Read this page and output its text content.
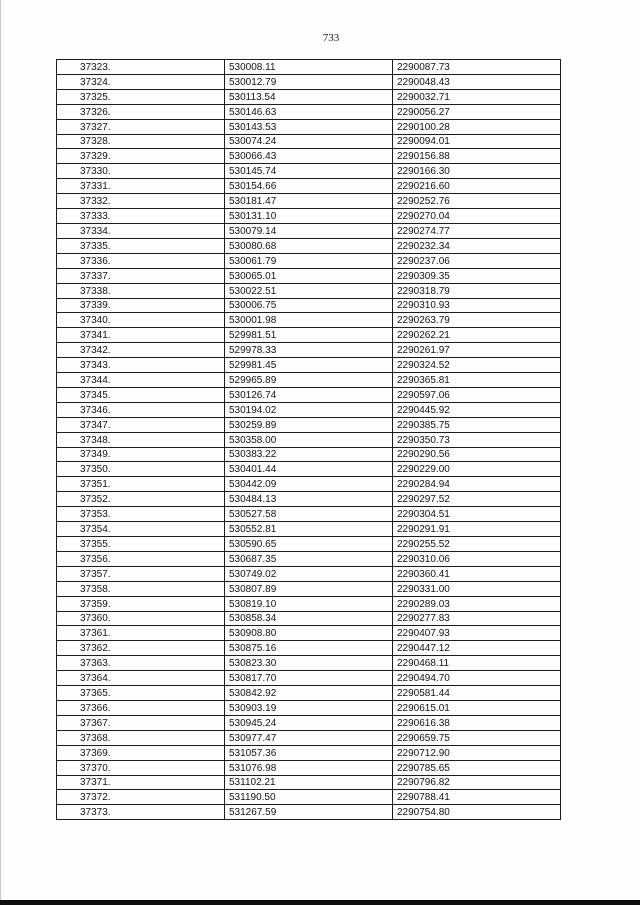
733
37323.	530008.11	2290087.73
37324.	530012.79	2290048.43
37325.	530113.54	2290032.71
37326.	530146.63	2290056.27
37327.	530143.53	2290100.28
37328.	530074.24	2290094.01
37329.	530066.43	2290156.88
37330.	530145.74	2290166.30
37331.	530154.66	2290216.60
37332.	530181.47	2290252.76
37333.	530131.10	2290270.04
37334.	530079.14	2290274.77
37335.	530080.68	2290232.34
37336.	530061.79	2290237.06
37337.	530065.01	2290309.35
37338.	530022.51	2290318.79
37339.	530006.75	2290310.93
37340.	530001.98	2290263.79
37341.	529981.51	2290262.21
37342.	529978.33	2290261.97
37343.	529981.45	2290324.52
37344.	529965.89	2290365.81
37345.	530126.74	2290597.06
37346.	530194.02	2290445.92
37347.	530259.89	2290385.75
37348.	530358.00	2290350.73
37349.	530383.22	2290290.56
37350.	530401.44	2290229.00
37351.	530442.09	2290284.94
37352.	530484.13	2290297.52
37353.	530527.58	2290304.51
37354.	530552.81	2290291.91
37355.	530590.65	2290255.52
37356.	530687.35	2290310.06
37357.	530749.02	2290360.41
37358.	530807.89	2290331.00
37359.	530819.10	2290289.03
37360.	530858.34	2290277.83
37361.	530908.80	2290407.93
37362.	530875.16	2290447.12
37363.	530823.30	2290468.11
37364.	530817.70	2290494.70
37365.	530842.92	2290581.44
37366.	530903.19	2290615.01
37367.	530945.24	2290616.38
37368.	530977.47	2290659.75
37369.	531057.36	2290712.90
37370.	531076.98	2290785.65
37371.	531102.21	2290796.82
37372.	531190.50	2290788.41
37373.	531267.59	2290754.80
